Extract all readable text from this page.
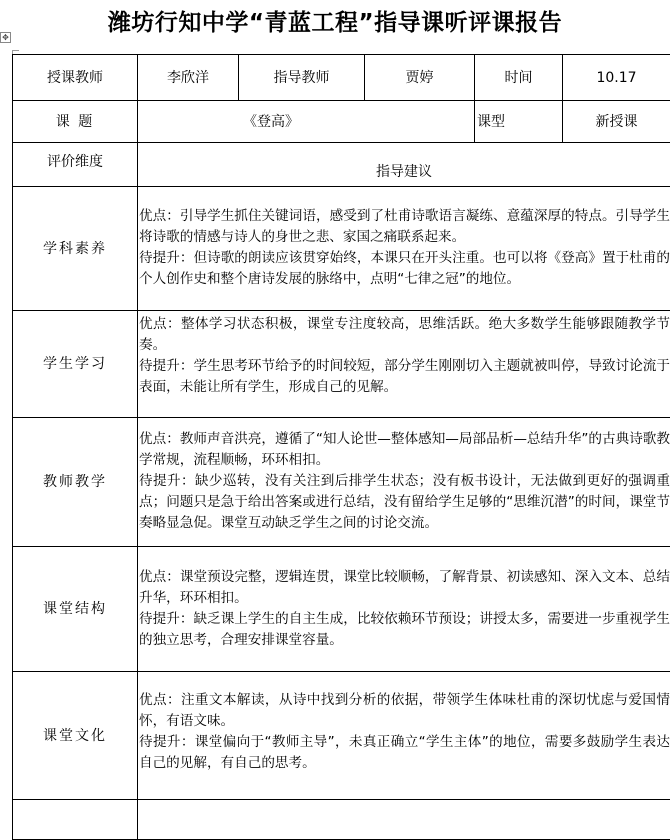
潍坊行知中学“青蓝工程”指导课听评课报告
✥
授课教师	李欣洋	指导教师	贾婷	时间	10.17
课 题	《登高》			课型	新授课
评价维度	指导建议				

学科素养	优点：引导学生抓住关键词语，感受到了杜甫诗歌语言凝练、意蕴深厚的特点。引导学生将诗歌的情感与诗人的身世之悲、家国之痛联系起来。

待提升：但诗歌的朗读应该贯穿始终，本课只在开头注重。也可以将《登高》置于杜甫的个人创作史和整个唐诗发展的脉络中，点明“七律之冠”的地位。				

学生学习	优点：整体学习状态积极，课堂专注度较高，思维活跃。绝大多数学生能够跟随教学节奏。

待提升：学生思考环节给予的时间较短，部分学生刚刚切入主题就被叫停，导致讨论流于表面，未能让所有学生，形成自己的见解。				

教师教学	优点：教师声音洪亮，遵循了“知人论世—整体感知—局部品析—总结升华”的古典诗歌教学常规，流程顺畅，环环相扣。

待提升：缺少巡转，没有关注到后排学生状态；没有板书设计，无法做到更好的强调重点；问题只是急于给出答案或进行总结，没有留给学生足够的“思维沉潜”的时间，课堂节奏略显急促。课堂互动缺乏学生之间的讨论交流。				

课堂结构	优点：课堂预设完整，逻辑连贯，课堂比较顺畅，了解背景、初读感知、深入文本、总结升华，环环相扣。

待提升：缺乏课上学生的自主生成，比较依赖环节预设；讲授太多，需要进一步重视学生的独立思考，合理安排课堂容量。				

课堂文化	优点：注重文本解读，从诗中找到分析的依据，带领学生体味杜甫的深切忧虑与爱国情怀，有语文味。

待提升：课堂偏向于“教师主导”，未真正确立“学生主体”的地位，需要多鼓励学生表达自己的见解，有自己的思考。				
